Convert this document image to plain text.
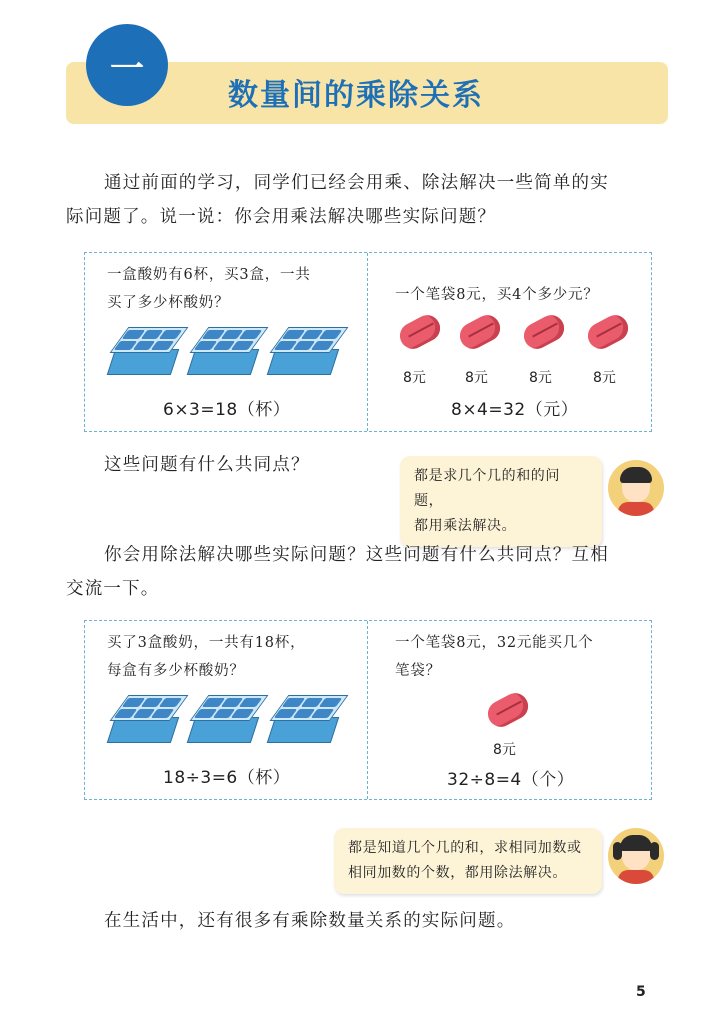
一
数量间的乘除关系
通过前面的学习，同学们已经会用乘、除法解决一些简单的实
际问题了。说一说：你会用乘法解决哪些实际问题？
一盒酸奶有6杯，买3盒，一共
买了多少杯酸奶？
6×3=18（杯）
一个笔袋8元，买4个多少元？
8元	8元	8元	8元
8×4=32（元）
这些问题有什么共同点？
都是求几个几的和的问题，
都用乘法解决。
你会用除法解决哪些实际问题？这些问题有什么共同点？互相
交流一下。
买了3盒酸奶，一共有18杯，
每盒有多少杯酸奶？
18÷3=6（杯）
一个笔袋8元，32元能买几个
笔袋？
8元
32÷8=4（个）
都是知道几个几的和，求相同加数或
相同加数的个数，都用除法解决。
在生活中，还有很多有乘除数量关系的实际问题。
5
